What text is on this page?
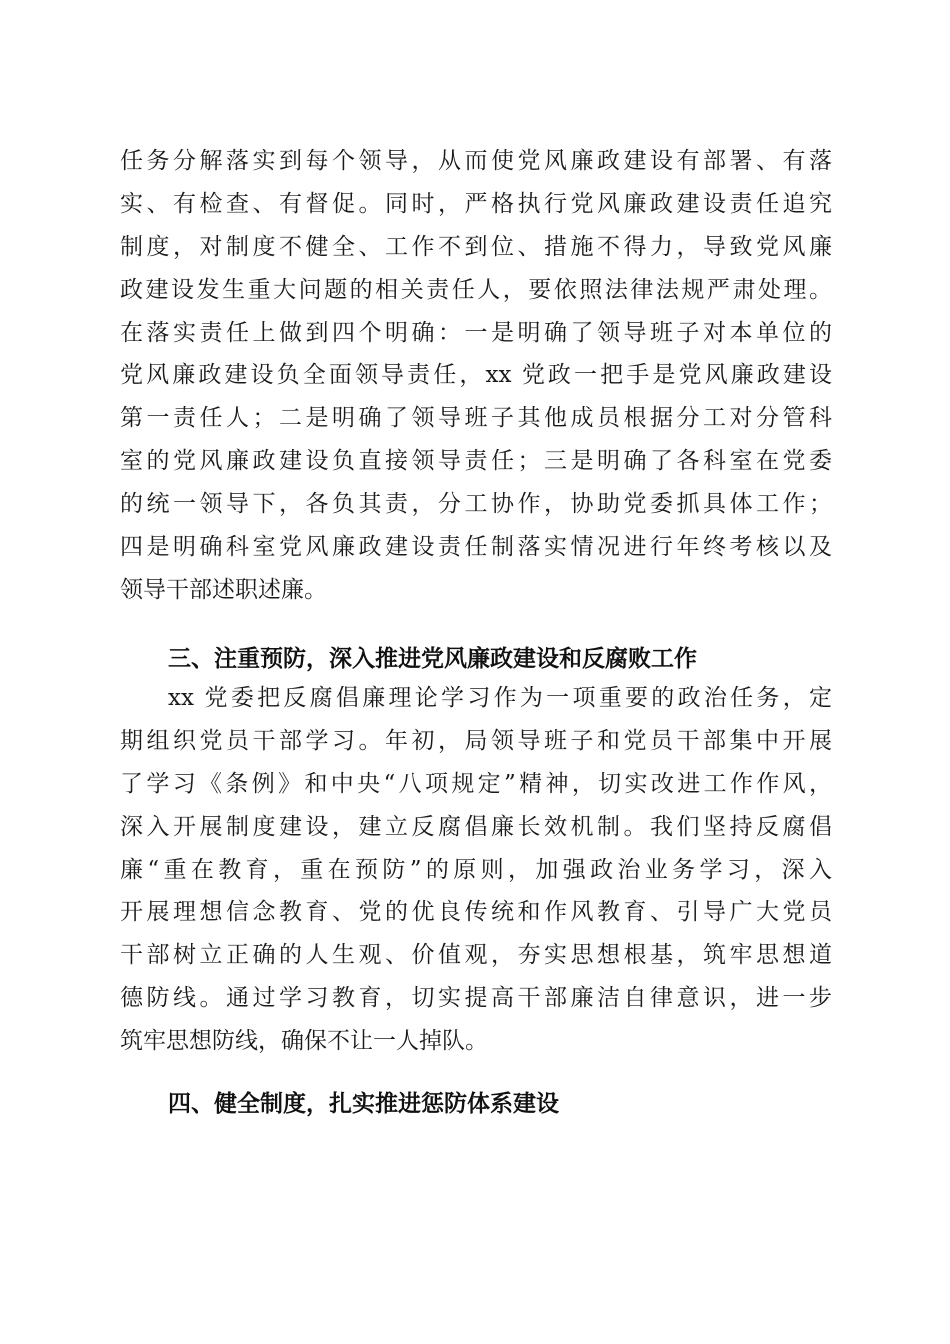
任务分解落实到每个领导，从而使党风廉政建设有部署、有落
实、有检查、有督促。同时，严格执行党风廉政建设责任追究
制度，对制度不健全、工作不到位、措施不得力，导致党风廉
政建设发生重大问题的相关责任人，要依照法律法规严肃处理。
在落实责任上做到四个明确：一是明确了领导班子对本单位的
党风廉政建设负全面领导责任，xx 党政一把手是党风廉政建设
第一责任人；二是明确了领导班子其他成员根据分工对分管科
室的党风廉政建设负直接领导责任；三是明确了各科室在党委
的统一领导下，各负其责，分工协作，协助党委抓具体工作；
四是明确科室党风廉政建设责任制落实情况进行年终考核以及
领导干部述职述廉。
三、注重预防，深入推进党风廉政建设和反腐败工作
xx 党委把反腐倡廉理论学习作为一项重要的政治任务，定
期组织党员干部学习。年初，局领导班子和党员干部集中开展
了学习《条例》和中央“八项规定”精神，切实改进工作作风，
深入开展制度建设，建立反腐倡廉长效机制。我们坚持反腐倡
廉“重在教育，重在预防”的原则，加强政治业务学习，深入
开展理想信念教育、党的优良传统和作风教育、引导广大党员
干部树立正确的人生观、价值观，夯实思想根基，筑牢思想道
德防线。通过学习教育，切实提高干部廉洁自律意识，进一步
筑牢思想防线，确保不让一人掉队。
四、健全制度，扎实推进惩防体系建设
